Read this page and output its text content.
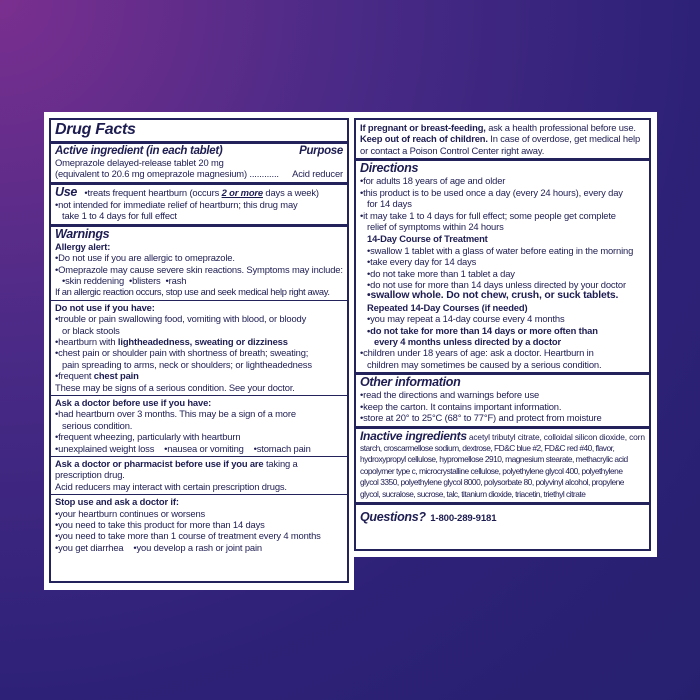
Drug Facts
Active ingredient (in each tablet)	Purpose
Omeprazole delayed-release tablet 20 mg
(equivalent to 20.6 mg omeprazole magnesium) ............ Acid reducer
Use • treats frequent heartburn (occurs 2 or more days a week)
• not intended for immediate relief of heartburn; this drug may
take 1 to 4 days for full effect
Warnings
Allergy alert:
• Do not use if you are allergic to omeprazole.
• Omeprazole may cause severe skin reactions. Symptoms may include:
• skin reddening • blisters • rash
If an allergic reaction occurs, stop use and seek medical help right away.
Do not use if you have:
• trouble or pain swallowing food, vomiting with blood, or bloody
or black stools
• heartburn with lightheadedness, sweating or dizziness
• chest pain or shoulder pain with shortness of breath; sweating;
pain spreading to arms, neck or shoulders; or lightheadedness
• frequent chest pain
These may be signs of a serious condition. See your doctor.
Ask a doctor before use if you have:
• had heartburn over 3 months. This may be a sign of a more
serious condition.
• frequent wheezing, particularly with heartburn
• unexplained weight loss • nausea or vomiting • stomach pain
Ask a doctor or pharmacist before use if you are taking a
prescription drug.
Acid reducers may interact with certain prescription drugs.
Stop use and ask a doctor if:
• your heartburn continues or worsens
• you need to take this product for more than 14 days
• you need to take more than 1 course of treatment every 4 months
• you get diarrhea • you develop a rash or joint pain
If pregnant or breast-feeding, ask a health professional before use.
Keep out of reach of children. In case of overdose, get medical help
or contact a Poison Control Center right away.
Directions
• for adults 18 years of age and older
• this product is to be used once a day (every 24 hours), every day
for 14 days
• it may take 1 to 4 days for full effect; some people get complete
relief of symptoms within 24 hours
14-Day Course of Treatment
• swallow 1 tablet with a glass of water before eating in the morning
• take every day for 14 days
• do not take more than 1 tablet a day
• do not use for more than 14 days unless directed by your doctor
• swallow whole. Do not chew, crush, or suck tablets.
Repeated 14-Day Courses (if needed)
• you may repeat a 14-day course every 4 months
• do not take for more than 14 days or more often than
every 4 months unless directed by a doctor
• children under 18 years of age: ask a doctor. Heartburn in
children may sometimes be caused by a serious condition.
Other information
• read the directions and warnings before use
• keep the carton. It contains important information.
• store at 20° to 25°C (68° to 77°F) and protect from moisture
Inactive ingredients acetyl tributyl citrate, colloidal silicon dioxide, corn
starch, croscarmellose sodium, dextrose, FD&C blue #2, FD&C red #40, flavor,
hydroxypropyl cellulose, hypromellose 2910, magnesium stearate, methacrylic acid
copolymer type c, microcrystalline cellulose, polyethylene glycol 400, polyethylene
glycol 3350, polyethylene glycol 8000, polysorbate 80, polyvinyl alcohol, propylene
glycol, sucralose, sucrose, talc, titanium dioxide, triacetin, triethyl citrate
Questions? 1-800-289-9181
